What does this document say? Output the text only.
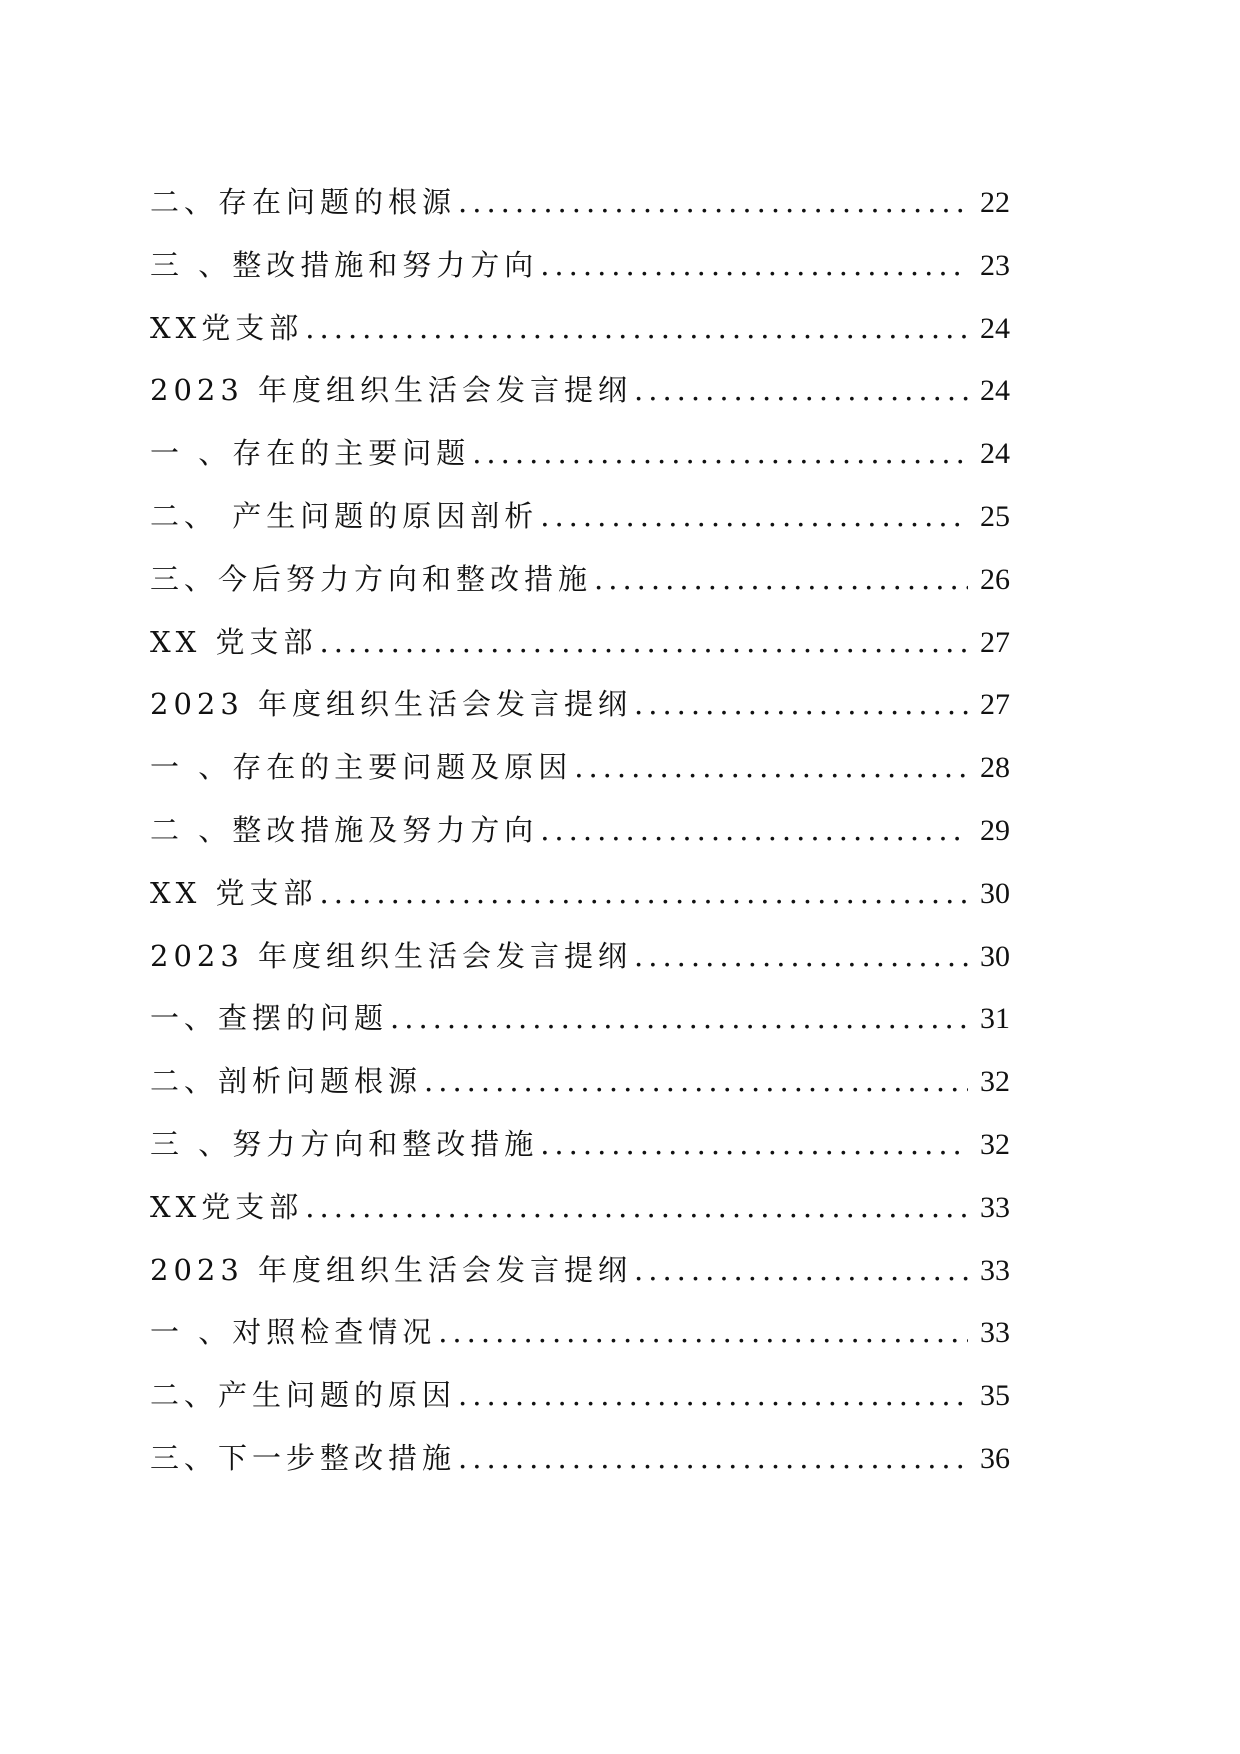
二、存在问题的根源 .....	22
三 、整改措施和努力方向 .....	23
XX党支部 .....	24
2023 年度组织生活会发言提纲 .....	24
一 、存在的主要问题 .....	24
二、 产生问题的原因剖析 .....	25
三、今后努力方向和整改措施 .....	26
XX 党支部 .....	27
2023 年度组织生活会发言提纲 .....	27
一 、存在的主要问题及原因 .....	28
二 、整改措施及努力方向 .....	29
XX 党支部 .....	30
2023 年度组织生活会发言提纲 .....	30
一、查摆的问题 .....	31
二、剖析问题根源 .....	32
三 、努力方向和整改措施 .....	32
XX党支部 .....	33
2023 年度组织生活会发言提纲 .....	33
一 、对照检查情况 .....	33
二、产生问题的原因 .....	35
三、下一步整改措施 .....	36
